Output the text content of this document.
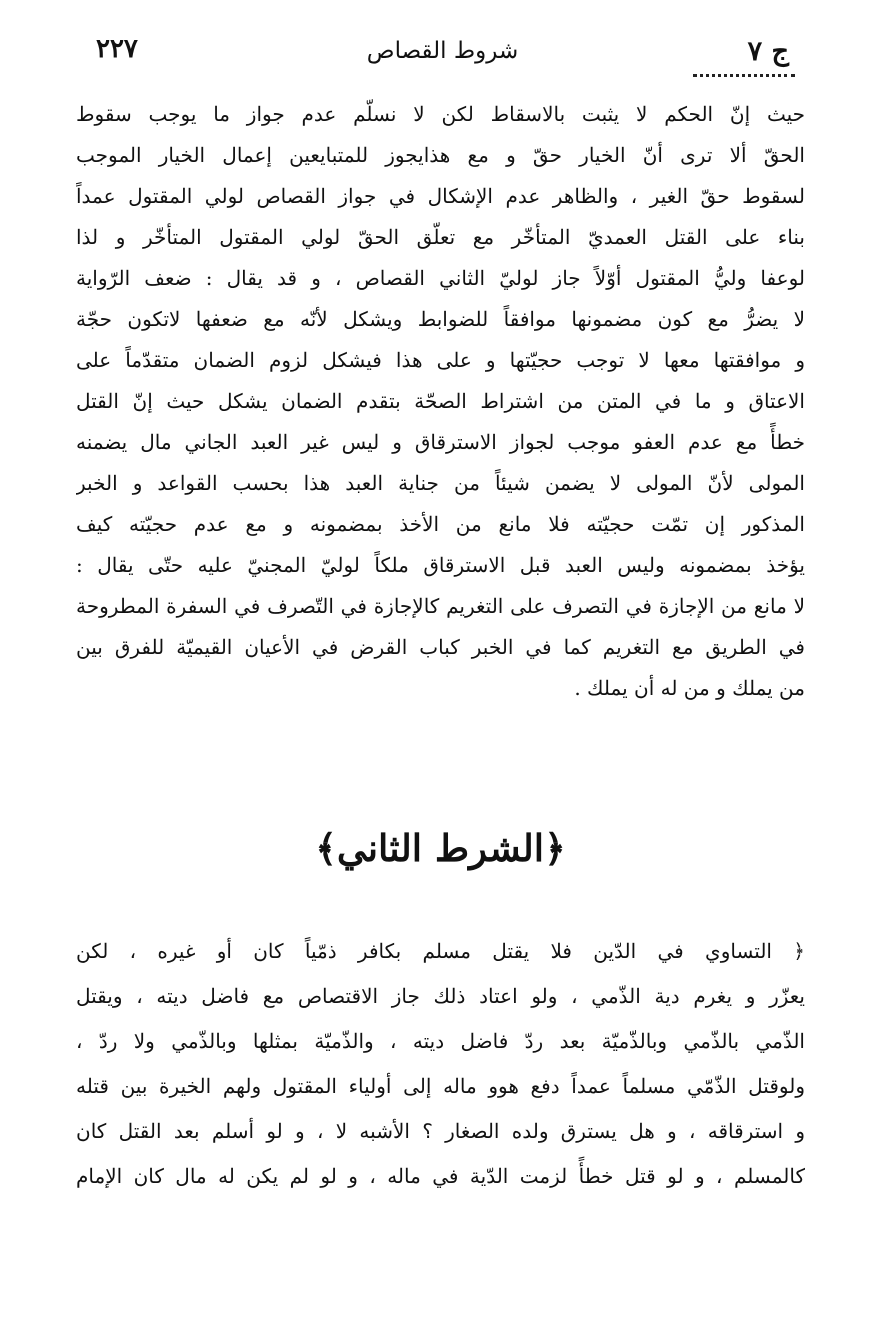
ج ٧
شروط القصاص
٢٢٧
حيث إنّ الحكم لا يثبت بالاسقاط لكن لا نسلّم عدم جواز ما يوجب سقوط
الحقّ ألا ترى أنّ الخيار حقّ و مع هذايجوز للمتبايعين إعمال الخيار الموجب
لسقوط حقّ الغير ، والظاهر عدم الإشكال في جواز القصاص لولي المقتول عمداً
بناء على القتل العمديّ المتأخّر مع تعلّق الحقّ لولي المقتول المتأخّر و لذا
لوعفا وليُّ المقتول أوّلاً جاز لوليّ الثاني القصاص ، و قد يقال : ضعف الرّواية
لا يضرُّ مع كون مضمونها موافقاً للضوابط ويشكل لأنّه مع ضعفها لاتكون حجّة
و موافقتها معها لا توجب حجيّتها و على هذا فيشكل لزوم الضمان متقدّماً على
الاعتاق و ما في المتن من اشتراط الصحّة بتقدم الضمان يشكل حيث إنّ القتل
خطأً مع عدم العفو موجب لجواز الاسترقاق و ليس غير العبد الجاني مال يضمنه
المولى لأنّ المولى لا يضمن شيئاً من جناية العبد هذا بحسب القواعد و الخبر
المذكور إن تمّت حجيّته فلا مانع من الأخذ بمضمونه و مع عدم حجيّته كيف
يؤخذ بمضمونه وليس العبد قبل الاسترقاق ملكاً لوليّ المجنيّ عليه حتّى يقال :
لا مانع من الإجازة في التصرف على التغريم كالإجازة في التّصرف في السفرة المطروحة
في الطريق مع التغريم كما في الخبر كباب القرض في الأعيان القيميّة للفرق بين
من يملك و من له أن يملك .
﴿الشرط الثاني﴾
﴿ التساوي في الدّين فلا يقتل مسلم بكافر ذمّياً كان أو غيره ، لكن
يعزّر و يغرم دية الذّمي ، ولو اعتاد ذلك جاز الاقتصاص مع فاضل ديته ، ويقتل
الذّمي بالذّمي وبالذّميّة بعد ردّ فاضل ديته ، والذّميّة بمثلها وبالذّمي ولا ردّ ،
ولوقتل الذّمّي مسلماً عمداً دفع هوو ماله إلى أولياء المقتول ولهم الخيرة بين قتله
و استرقاقه ، و هل يسترق ولده الصغار ؟ الأشبه لا ، و لو أسلم بعد القتل كان
كالمسلم ، و لو قتل خطأً لزمت الدّية في ماله ، و لو لم يكن له مال كان الإمام
